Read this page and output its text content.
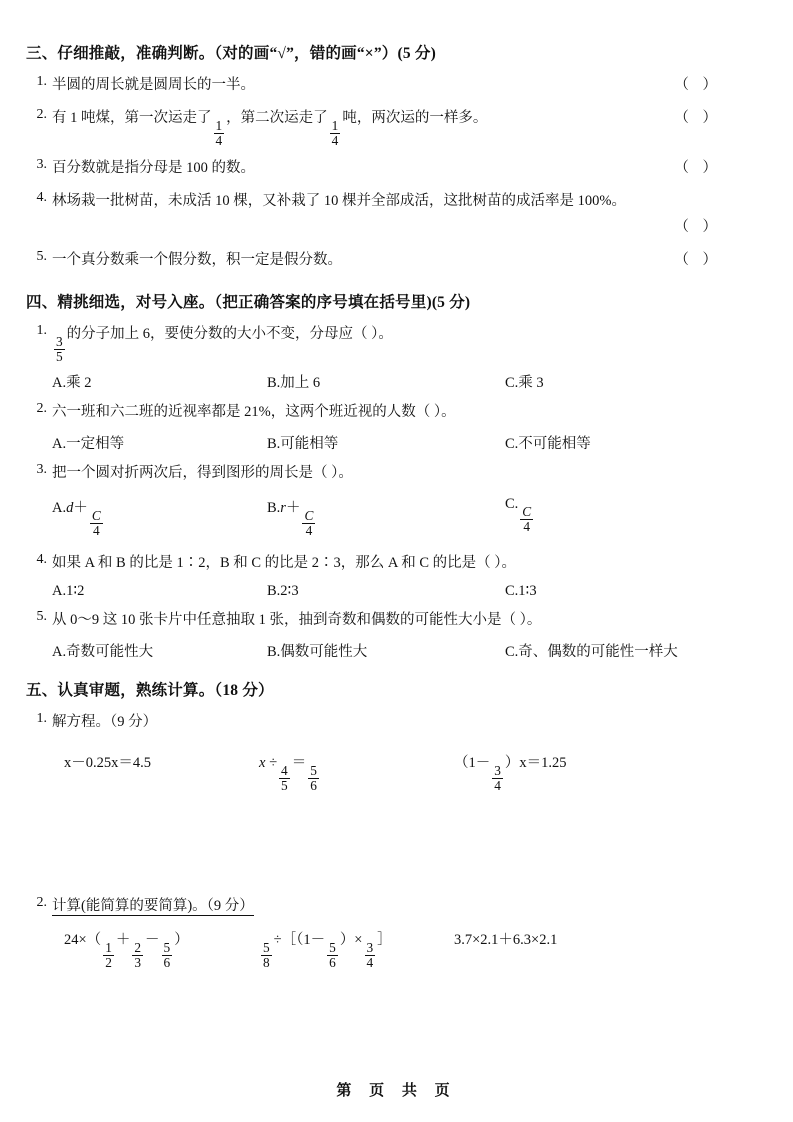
三、仔细推敲，准确判断。（对的画“√”，错的画“×”）(5 分)
1.	（ ）
半圆的周长就是圆周长的一半。
2.	（ ）
有 1 吨煤，第一次运走了
$\frac{1}{4}$
，第二次运走了
$\frac{1}{4}$
吨，两次运的一样多。
3.	（ ）
百分数就是指分母是 100 的数。
4. 林场栽一批树苗，未成活 10 棵，又补栽了 10 棵并全部成活，这批树苗的成活率是 100%。
（ ）
5.	（ ）
一个真分数乘一个假分数，积一定是假分数。
四、精挑细选，对号入座。（把正确答案的序号填在括号里)(5 分)
1.
$\frac{3}{5}$
的分子加上 6，要使分数的大小不变，分母应（ ）。
A.乘 2	B.加上 6	C.乘 3
2. 六一班和六二班的近视率都是 21%，这两个班近视的人数（ ）。
A.一定相等	B.可能相等	C.不可能相等
3. 把一个圆对折两次后，得到图形的周长是（ ）。
A.d＋
$\frac{C}{4}$
B.r＋
$\frac{C}{4}$
C.
$\frac{C}{4}$
4. 如果 A 和 B 的比是 1∶2，B 和 C 的比是 2∶3，那么 A 和 C 的比是（ ）。
A.1∶2	B.2∶3	C.1∶3
5. 从 0～9 这 10 张卡片中任意抽取 1 张，抽到奇数和偶数的可能性大小是（ ）。
A.奇数可能性大	B.偶数可能性大	C.奇、偶数的可能性一样大
五、认真审题，熟练计算。（18 分）
1. 解方程。（9 分）
x－0.25x＝4.5	x ÷
$\frac{4}{5}$
＝
$\frac{5}{6}$
（1－
$\frac{3}{4}$
）x＝1.25
2. 计算(能简算的要简算)。（9 分）
24×（
$\frac{1}{2}$
＋
$\frac{2}{3}$
－
$\frac{5}{6}$
）
$\frac{5}{8}$
÷［（1－
$\frac{5}{6}$
）×
$\frac{3}{4}$
］	3.7×2.1＋6.3×2.1
第 页 共 页
